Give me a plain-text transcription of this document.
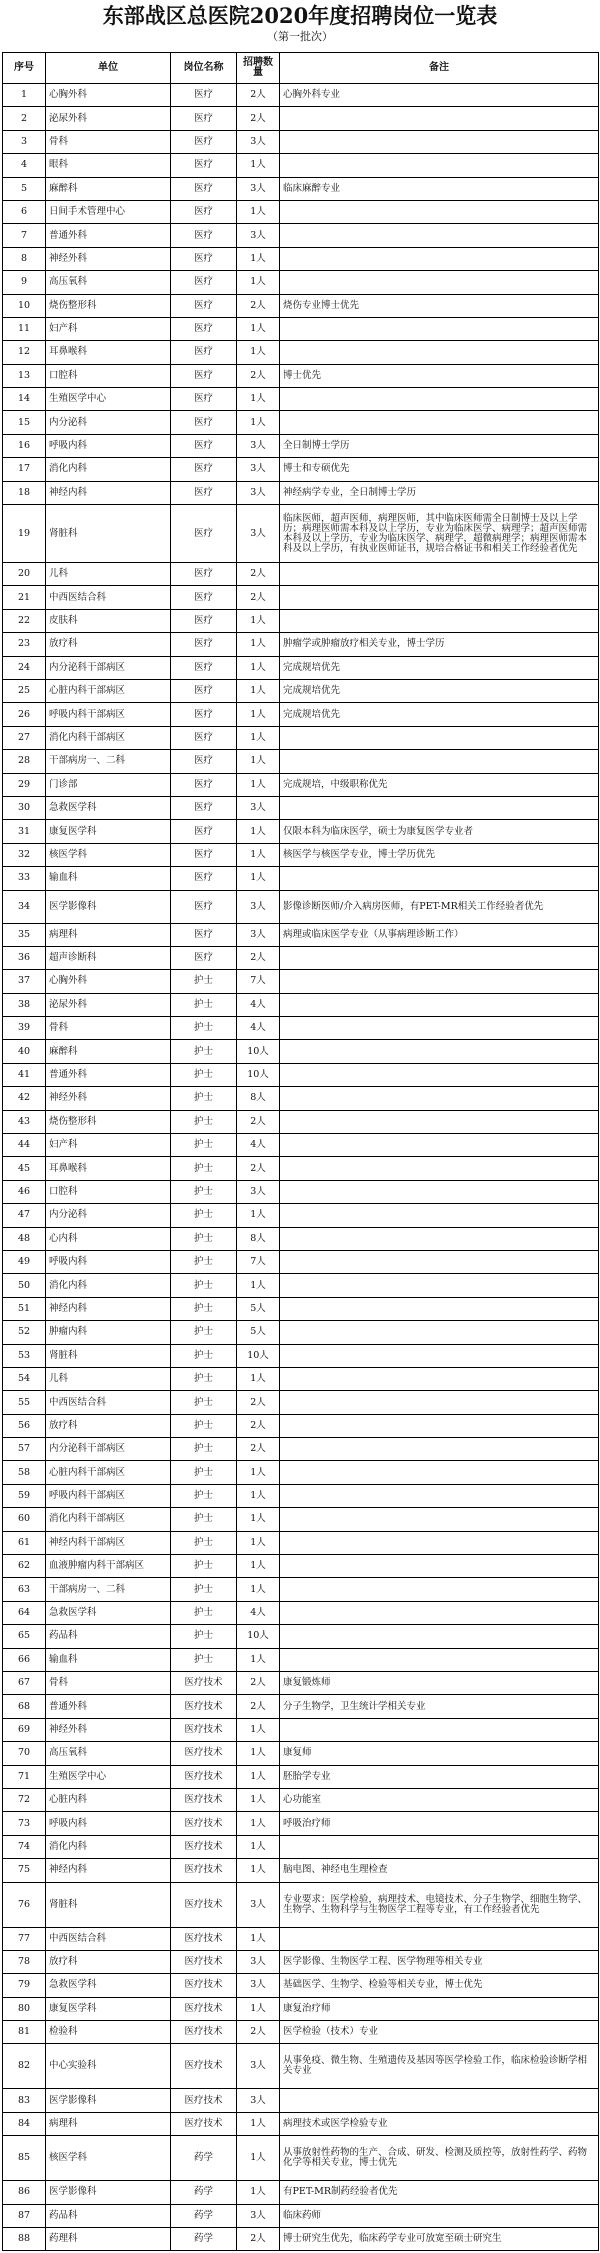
东部战区总医院2020年度招聘岗位一览表
（第一批次）
序号	单位	岗位名称	招聘数量	备注
1	心胸外科	医疗	2人	心胸外科专业
2	泌尿外科	医疗	2人	
3	骨科	医疗	3人	
4	眼科	医疗	1人	
5	麻醉科	医疗	3人	临床麻醉专业
6	日间手术管理中心	医疗	1人	
7	普通外科	医疗	3人	
8	神经外科	医疗	1人	
9	高压氧科	医疗	1人	
10	烧伤整形科	医疗	2人	烧伤专业博士优先
11	妇产科	医疗	1人	
12	耳鼻喉科	医疗	1人	
13	口腔科	医疗	2人	博士优先
14	生殖医学中心	医疗	1人	
15	内分泌科	医疗	1人	
16	呼吸内科	医疗	3人	全日制博士学历
17	消化内科	医疗	3人	博士和专硕优先
18	神经内科	医疗	3人	神经病学专业，全日制博士学历
19	肾脏科	医疗	3人	临床医师，超声医师，病理医师，其中临床医师需全日制博士及以上学历；病理医师需本科及以上学历，专业为临床医学、病理学；超声医师需本科及以上学历，专业为临床医学、病理学，超微病理学；病理医师需本科及以上学历，有执业医师证书，规培合格证书和相关工作经验者优先
20	儿科	医疗	2人	
21	中西医结合科	医疗	2人	
22	皮肤科	医疗	1人	
23	放疗科	医疗	1人	肿瘤学或肿瘤放疗相关专业，博士学历
24	内分泌科干部病区	医疗	1人	完成规培优先
25	心脏内科干部病区	医疗	1人	完成规培优先
26	呼吸内科干部病区	医疗	1人	完成规培优先
27	消化内科干部病区	医疗	1人	
28	干部病房一、二科	医疗	1人	
29	门诊部	医疗	1人	完成规培，中级职称优先
30	急救医学科	医疗	3人	
31	康复医学科	医疗	1人	仅限本科为临床医学，硕士为康复医学专业者
32	核医学科	医疗	1人	核医学与核医学专业，博士学历优先
33	输血科	医疗	1人	
34	医学影像科	医疗	3人	影像诊断医师/介入病房医师，有PET-MR相关工作经验者优先
35	病理科	医疗	3人	病理或临床医学专业（从事病理诊断工作）
36	超声诊断科	医疗	2人	
37	心胸外科	护士	7人	
38	泌尿外科	护士	4人	
39	骨科	护士	4人	
40	麻醉科	护士	10人	
41	普通外科	护士	10人	
42	神经外科	护士	8人	
43	烧伤整形科	护士	2人	
44	妇产科	护士	4人	
45	耳鼻喉科	护士	2人	
46	口腔科	护士	3人	
47	内分泌科	护士	1人	
48	心内科	护士	8人	
49	呼吸内科	护士	7人	
50	消化内科	护士	1人	
51	神经内科	护士	5人	
52	肿瘤内科	护士	5人	
53	肾脏科	护士	10人	
54	儿科	护士	1人	
55	中西医结合科	护士	2人	
56	放疗科	护士	2人	
57	内分泌科干部病区	护士	2人	
58	心脏内科干部病区	护士	1人	
59	呼吸内科干部病区	护士	1人	
60	消化内科干部病区	护士	1人	
61	神经内科干部病区	护士	1人	
62	血液肿瘤内科干部病区	护士	1人	
63	干部病房一、二科	护士	1人	
64	急救医学科	护士	4人	
65	药品科	护士	10人	
66	输血科	护士	1人	
67	骨科	医疗技术	2人	康复锻炼师
68	普通外科	医疗技术	2人	分子生物学，卫生统计学相关专业
69	神经外科	医疗技术	1人	
70	高压氧科	医疗技术	1人	康复师
71	生殖医学中心	医疗技术	1人	胚胎学专业
72	心脏内科	医疗技术	1人	心功能室
73	呼吸内科	医疗技术	1人	呼吸治疗师
74	消化内科	医疗技术	1人	
75	神经内科	医疗技术	1人	脑电图、神经电生理检查
76	肾脏科	医疗技术	3人	专业要求：医学检验，病理技术、电镜技术、分子生物学、细胞生物学、生物学、生物科学与生物医学工程等专业，有工作经验者优先
77	中西医结合科	医疗技术	1人	
78	放疗科	医疗技术	3人	医学影像、生物医学工程、医学物理等相关专业
79	急救医学科	医疗技术	3人	基础医学、生物学、检验等相关专业，博士优先
80	康复医学科	医疗技术	1人	康复治疗师
81	检验科	医疗技术	2人	医学检验（技术）专业
82	中心实验科	医疗技术	3人	从事免疫、微生物、生殖遗传及基因等医学检验工作，临床检验诊断学相关专业
83	医学影像科	医疗技术	3人	
84	病理科	医疗技术	1人	病理技术或医学检验专业
85	核医学科	药学	1人	从事放射性药物的生产、合成、研发、检测及质控等，放射性药学、药物化学等相关专业，博士优先
86	医学影像科	药学	1人	有PET-MR制药经验者优先
87	药品科	药学	3人	临床药师
88	药理科	药学	2人	博士研究生优先，临床药学专业可放宽至硕士研究生
